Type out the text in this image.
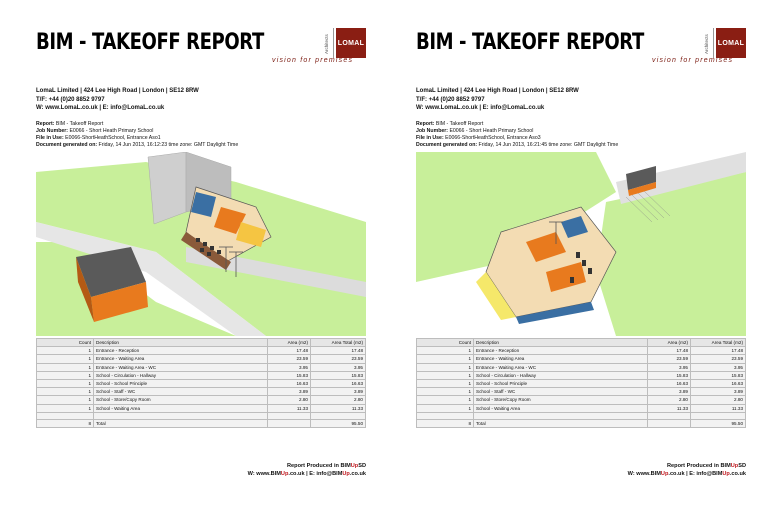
BIM - TAKEOFF REPORT	Architects	LOMAL
vision for premises
LomaL Limited | 424 Lee High Road | London | SE12 8RW
T/F: +44 (0)20 8852 9797
W: www.LomaL.co.uk | E: info@LomaL.co.uk
Report: BIM - Takeoff Report
Job Number: E0066 - Short Heath Primary School
File in Use: E0066-ShortHeathSchool, Entrance Aso1
Document generated on: Friday, 14 Jun 2013, 16:12:23 time zone: GMT Daylight Time
Count	Description	Area (m2)	Area Total (m2)
1	Entrance - Reception	17.48	17.48
1	Entrance - Waiting Area	23.59	23.59
1	Entrance - Waiting Area - WC	3.95	3.95
1	School - Circulation - Hallway	15.83	15.83
1	School - School Principle	16.63	16.63
1	School - Staff - WC	3.89	3.89
1	School - Store/Copy Room	2.80	2.80
1	School - Waiting Area	11.33	11.33

8	Total		95.50
Report Produced in BIMUpSD
W: www.BIMUp.co.uk | E: info@BIMUp.co.uk
BIM - TAKEOFF REPORT	Architects	LOMAL
vision for premises
LomaL Limited | 424 Lee High Road | London | SE12 8RW
T/F: +44 (0)20 8852 9797
W: www.LomaL.co.uk | E: info@LomaL.co.uk
Report: BIM - Takeoff Report
Job Number: E0066 - Short Heath Primary School
File in Use: E0066-ShortHeathSchool, Entrance Aso3
Document generated on: Friday, 14 Jun 2013, 16:21:45 time zone: GMT Daylight Time
Count	Description	Area (m2)	Area Total (m2)
1	Entrance - Reception	17.48	17.48
1	Entrance - Waiting Area	23.59	23.59
1	Entrance - Waiting Area - WC	3.95	3.95
1	School - Circulation - Hallway	15.83	15.83
1	School - School Principle	16.63	16.63
1	School - Staff - WC	3.89	3.89
1	School - Store/Copy Room	2.80	2.80
1	School - Waiting Area	11.33	11.33

8	Total		95.50
Report Produced in BIMUpSD
W: www.BIMUp.co.uk | E: info@BIMUp.co.uk
